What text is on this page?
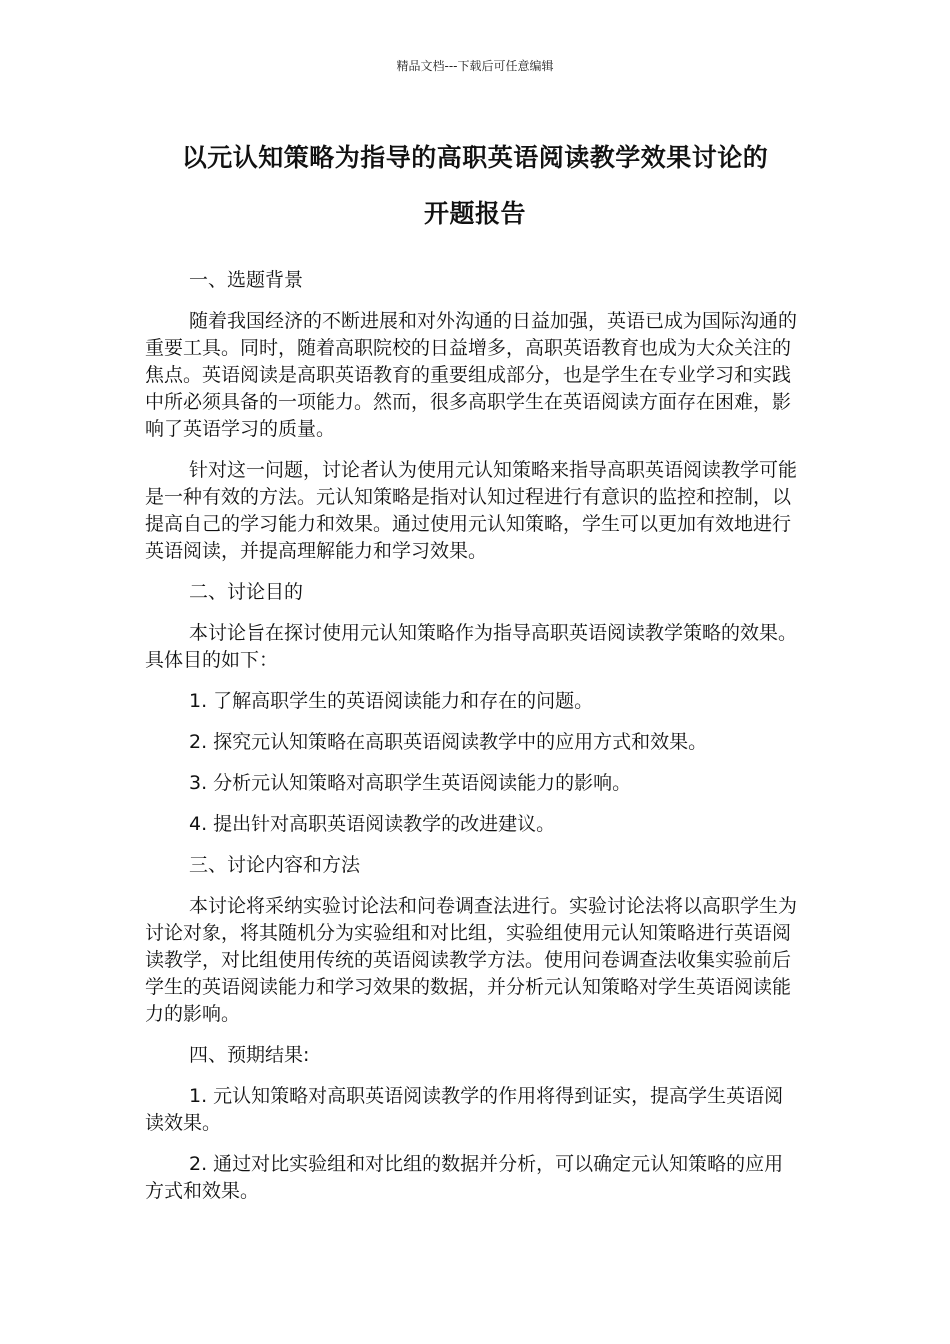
精品文档---下载后可任意编辑
以元认知策略为指导的高职英语阅读教学效果讨论的
开题报告

一、选题背景

随着我国经济的不断进展和对外沟通的日益加强，英语已成为国际沟通的重要工具。同时，随着高职院校的日益增多，高职英语教育也成为大众关注的焦点。英语阅读是高职英语教育的重要组成部分，也是学生在专业学习和实践中所必须具备的一项能力。然而，很多高职学生在英语阅读方面存在困难，影响了英语学习的质量。

针对这一问题，讨论者认为使用元认知策略来指导高职英语阅读教学可能是一种有效的方法。元认知策略是指对认知过程进行有意识的监控和控制，以提高自己的学习能力和效果。通过使用元认知策略，学生可以更加有效地进行英语阅读，并提高理解能力和学习效果。

二、讨论目的

本讨论旨在探讨使用元认知策略作为指导高职英语阅读教学策略的效果。具体目的如下：

1. 了解高职学生的英语阅读能力和存在的问题。

2. 探究元认知策略在高职英语阅读教学中的应用方式和效果。

3. 分析元认知策略对高职学生英语阅读能力的影响。

4. 提出针对高职英语阅读教学的改进建议。

三、讨论内容和方法

本讨论将采纳实验讨论法和问卷调查法进行。实验讨论法将以高职学生为讨论对象，将其随机分为实验组和对比组，实验组使用元认知策略进行英语阅读教学，对比组使用传统的英语阅读教学方法。使用问卷调查法收集实验前后学生的英语阅读能力和学习效果的数据，并分析元认知策略对学生英语阅读能力的影响。

四、预期结果:

1. 元认知策略对高职英语阅读教学的作用将得到证实，提高学生英语阅读效果。

2. 通过对比实验组和对比组的数据并分析，可以确定元认知策略的应用方式和效果。
